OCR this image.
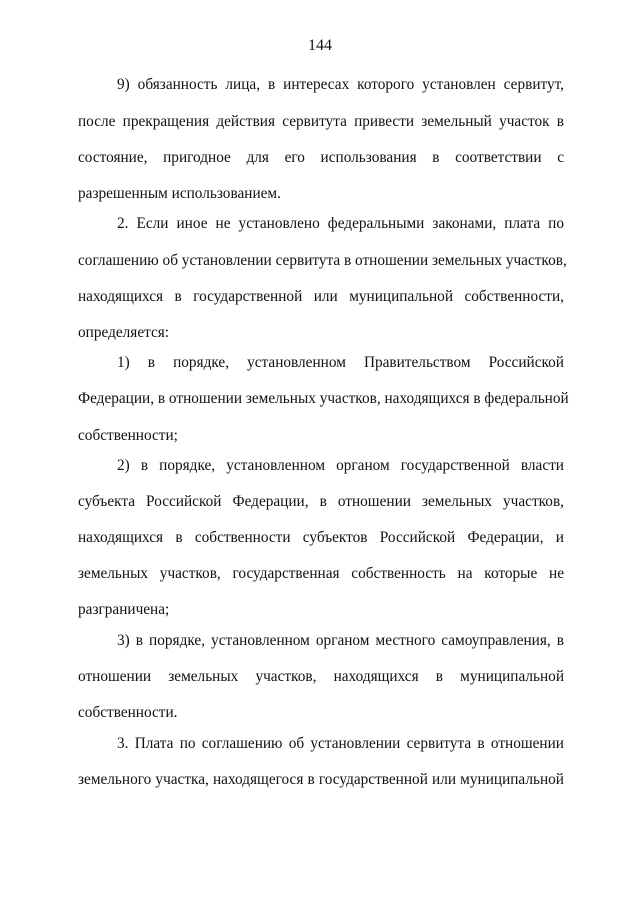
144
9) обязанность лица, в интересах которого установлен сервитут,
после прекращения действия сервитута привести земельный участок в
состояние, пригодное для его использования в соответствии с
разрешенным использованием.
2. Если иное не установлено федеральными законами, плата по
соглашению об установлении сервитута в отношении земельных участков,
находящихся в государственной или муниципальной собственности,
определяется:
1) в порядке, установленном Правительством Российской
Федерации, в отношении земельных участков, находящихся в федеральной
собственности;
2) в порядке, установленном органом государственной власти
субъекта Российской Федерации, в отношении земельных участков,
находящихся в собственности субъектов Российской Федерации, и
земельных участков, государственная собственность на которые не
разграничена;
3) в порядке, установленном органом местного самоуправления, в
отношении земельных участков, находящихся в муниципальной
собственности.
3. Плата по соглашению об установлении сервитута в отношении
земельного участка, находящегося в государственной или муниципальной
